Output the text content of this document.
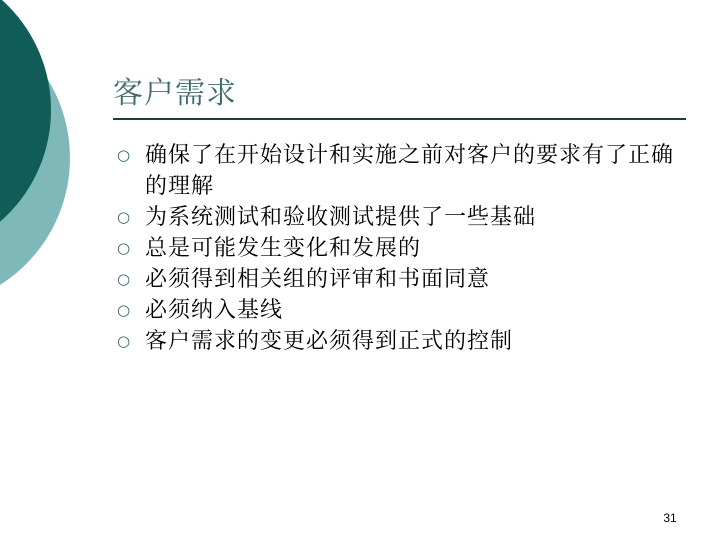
客户需求
○ 确保了在开始设计和实施之前对客户的要求有了正确的理解
○ 为系统测试和验收测试提供了一些基础
○ 总是可能发生变化和发展的
○ 必须得到相关组的评审和书面同意
○ 必须纳入基线
○ 客户需求的变更必须得到正式的控制
31
